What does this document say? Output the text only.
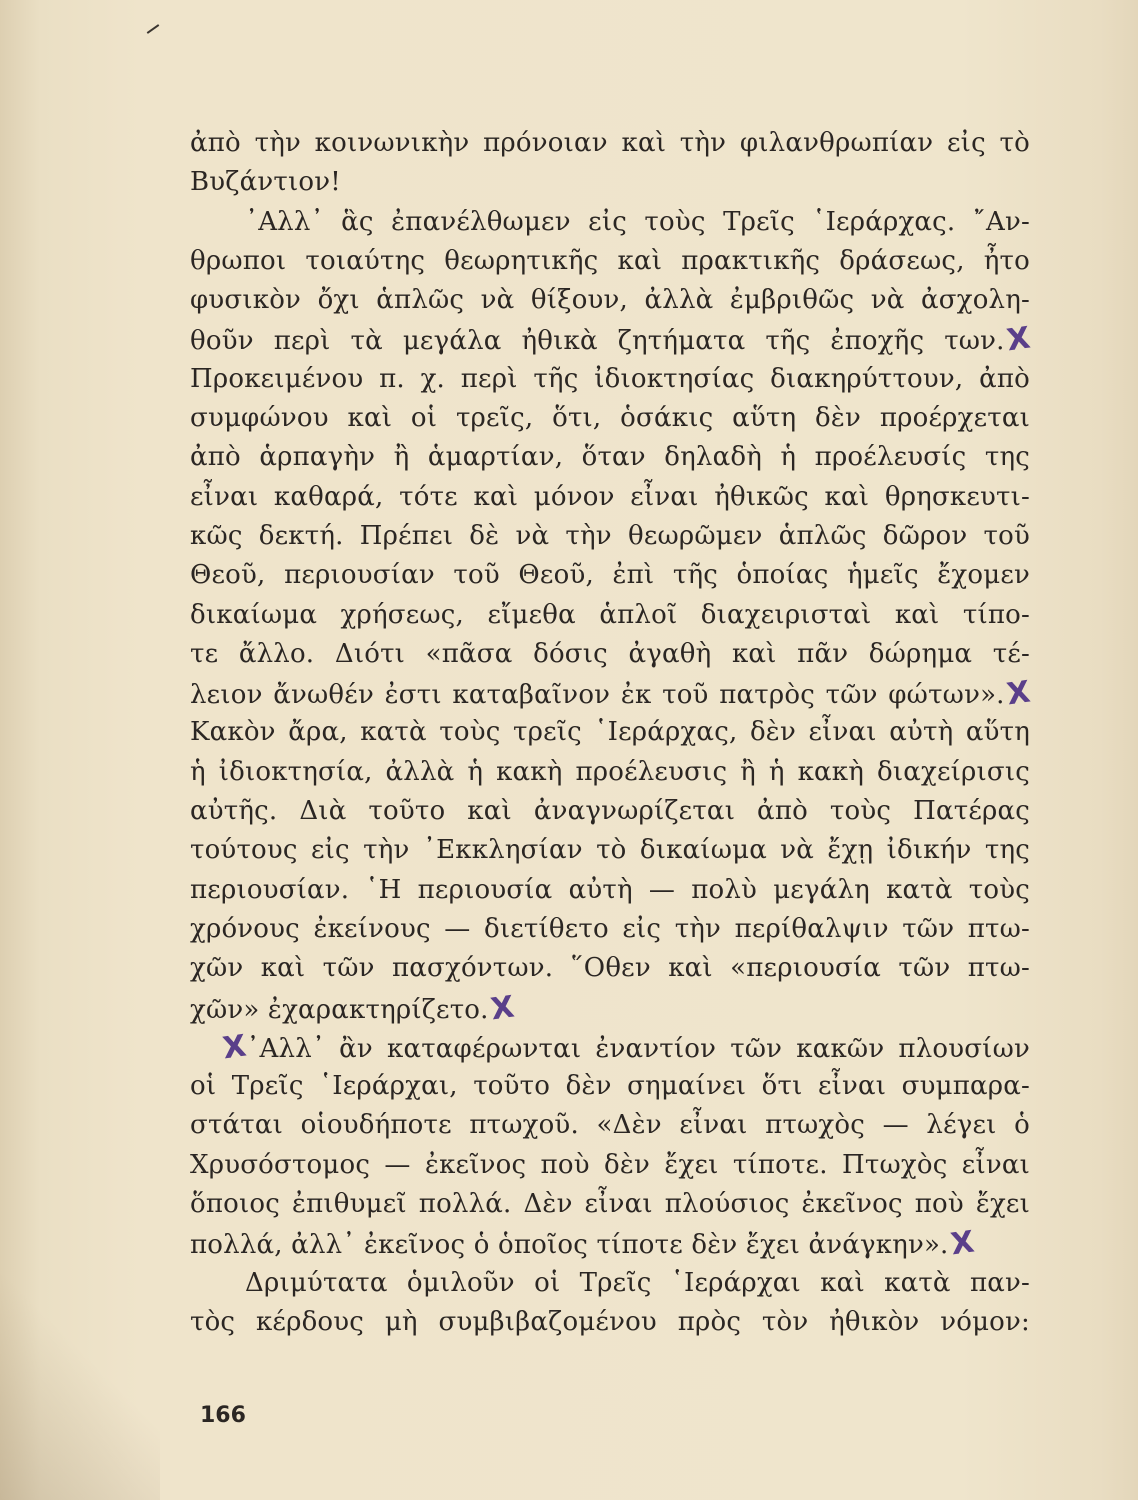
ἀπὸ τὴν κοινωνικὴν πρόνοιαν καὶ τὴν φιλανθρωπίαν εἰς τὸ
Βυζάντιον!
᾿Αλλ᾿ ἃς ἐπανέλθωμεν εἰς τοὺς Τρεῖς ῾Ιεράρχας. ῎Αν-
θρωποι τοιαύτης θεωρητικῆς καὶ πρακτικῆς δράσεως, ἦτο
φυσικὸν ὄχι ἁπλῶς νὰ θίξουν, ἀλλὰ ἐμβριθῶς νὰ ἀσχολη-
θοῦν περὶ τὰ μεγάλα ἠθικὰ ζητήματα τῆς ἐποχῆς των.X
Προκειμένου π. χ. περὶ τῆς ἰδιοκτησίας διακηρύττουν, ἀπὸ
συμφώνου καὶ οἱ τρεῖς, ὅτι, ὁσάκις αὕτη δὲν προέρχεται
ἀπὸ ἁρπαγὴν ἢ ἁμαρτίαν, ὅταν δηλαδὴ ἡ προέλευσίς της
εἶναι καθαρά, τότε καὶ μόνον εἶναι ἠθικῶς καὶ θρησκευτι-
κῶς δεκτή. Πρέπει δὲ νὰ τὴν θεωρῶμεν ἁπλῶς δῶρον τοῦ
Θεοῦ, περιουσίαν τοῦ Θεοῦ, ἐπὶ τῆς ὁποίας ἡμεῖς ἔχομεν
δικαίωμα χρήσεως, εἴμεθα ἁπλοῖ διαχειρισταὶ καὶ τίπο-
τε ἄλλο. Διότι «πᾶσα δόσις ἀγαθὴ καὶ πᾶν δώρημα τέ-
λειον ἄνωθέν ἐστι καταβαῖνον ἐκ τοῦ πατρὸς τῶν φώτων».X
Κακὸν ἄρα, κατὰ τοὺς τρεῖς ῾Ιεράρχας, δὲν εἶναι αὐτὴ αὕτη
ἡ ἰδιοκτησία, ἀλλὰ ἡ κακὴ προέλευσις ἢ ἡ κακὴ διαχείρισις
αὐτῆς. Διὰ τοῦτο καὶ ἀναγνωρίζεται ἀπὸ τοὺς Πατέρας
τούτους εἰς τὴν ᾿Εκκλησίαν τὸ δικαίωμα νὰ ἔχῃ ἰδικήν της
περιουσίαν. ῾Η περιουσία αὐτὴ — πολὺ μεγάλη κατὰ τοὺς
χρόνους ἐκείνους — διετίθετο εἰς τὴν περίθαλψιν τῶν πτω-
χῶν καὶ τῶν πασχόντων. ῞Οθεν καὶ «περιουσία τῶν πτω-
χῶν» ἐχαρακτηρίζετο.X
X᾿Αλλ᾿ ἂν καταφέρωνται ἐναντίον τῶν κακῶν πλουσίων
οἱ Τρεῖς ῾Ιεράρχαι, τοῦτο δὲν σημαίνει ὅτι εἶναι συμπαρα-
στάται οἱουδήποτε πτωχοῦ. «Δὲν εἶναι πτωχὸς — λέγει ὁ
Χρυσόστομος — ἐκεῖνος ποὺ δὲν ἔχει τίποτε. Πτωχὸς εἶναι
ὅποιος ἐπιθυμεῖ πολλά. Δὲν εἶναι πλούσιος ἐκεῖνος ποὺ ἔχει
πολλά, ἀλλ᾿ ἐκεῖνος ὁ ὁποῖος τίποτε δὲν ἔχει ἀνάγκην».X
Δριμύτατα ὁμιλοῦν οἱ Τρεῖς ῾Ιεράρχαι καὶ κατὰ παν-
τὸς κέρδους μὴ συμβιβαζομένου πρὸς τὸν ἠθικὸν νόμον:
166
